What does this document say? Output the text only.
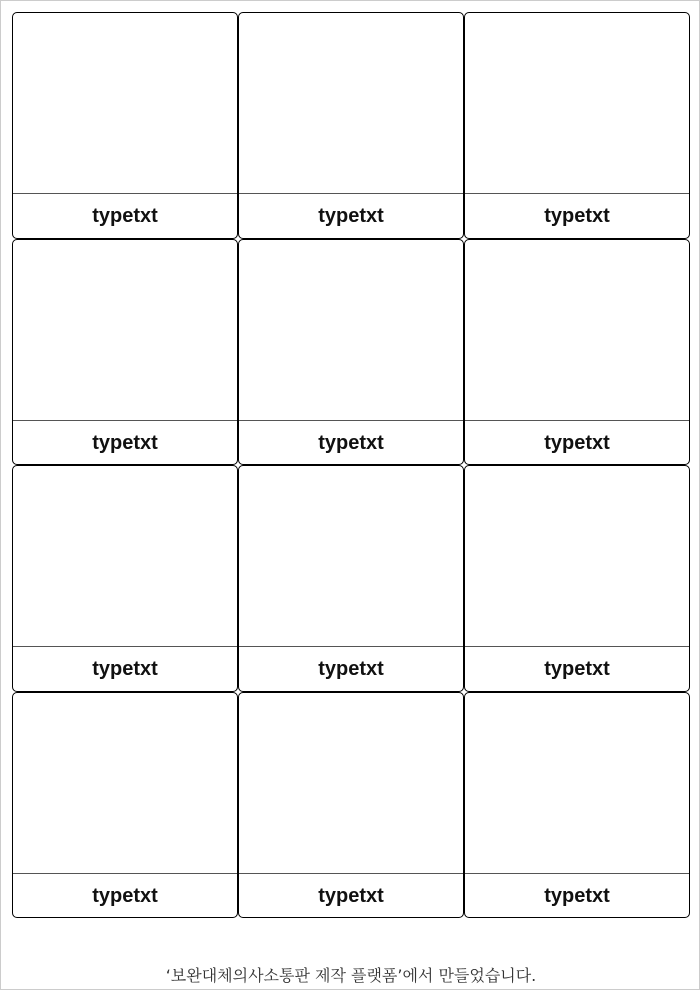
typetxt	typetxt	typetxt
typetxt	typetxt	typetxt
typetxt	typetxt	typetxt
typetxt	typetxt	typetxt
‘보완대체의사소통판 제작 플랫폼’에서 만들었습니다.
